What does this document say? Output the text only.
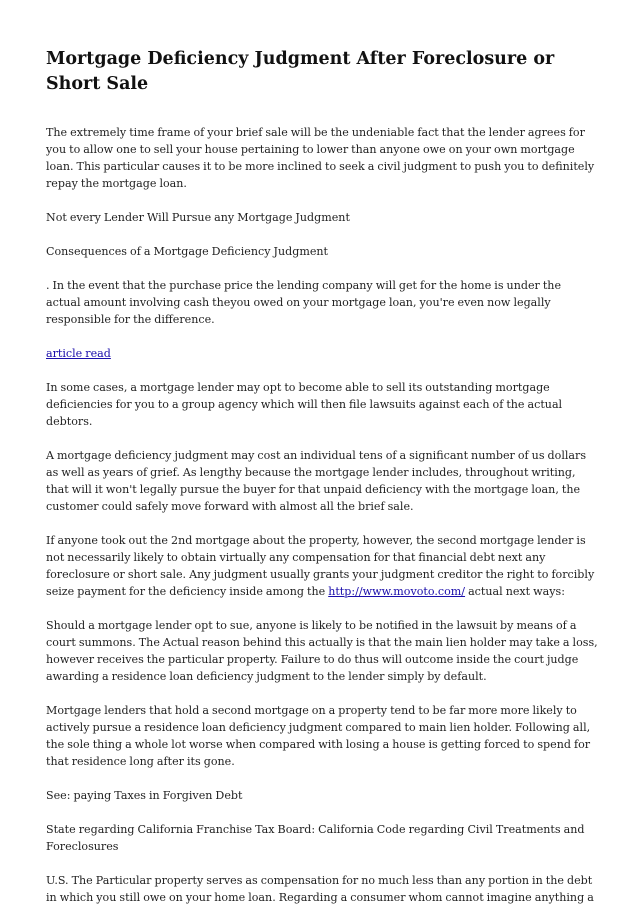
Mortgage Deficiency Judgment After Foreclosure or Short Sale

The extremely time frame of your brief sale will be the undeniable fact that the lender agrees for you to allow one to sell your house pertaining to lower than anyone owe on your own mortgage loan. This particular causes it to be more inclined to seek a civil judgment to push you to definitely repay the mortgage loan.

Not every Lender Will Pursue any Mortgage Judgment

Consequences of a Mortgage Deficiency Judgment

. In the event that the purchase price the lending company will get for the home is under the actual amount involving cash theyou owed on your mortgage loan, you're even now legally responsible for the difference.

article read

In some cases, a mortgage lender may opt to become able to sell its outstanding mortgage deficiencies for you to a group agency which will then file lawsuits against each of the actual debtors.

A mortgage deficiency judgment may cost an individual tens of a significant number of us dollars as well as years of grief. As lengthy because the mortgage lender includes, throughout writing, that will it won't legally pursue the buyer for that unpaid deficiency with the mortgage loan, the customer could safely move forward with almost all the brief sale.

If anyone took out the 2nd mortgage about the property, however, the second mortgage lender is not necessarily likely to obtain virtually any compensation for that financial debt next any foreclosure or short sale. Any judgment usually grants your judgment creditor the right to forcibly seize payment for the deficiency inside among the http://www.movoto.com/ actual next ways:

Should a mortgage lender opt to sue, anyone is likely to be notified in the lawsuit by means of a court summons. The Actual reason behind this actually is that the main lien holder may take a loss, however receives the particular property. Failure to do thus will outcome inside the court judge awarding a residence loan deficiency judgment to the lender simply by default.

Mortgage lenders that hold a second mortgage on a property tend to be far more more likely to actively pursue a residence loan deficiency judgment compared to main lien holder. Following all, the sole thing a whole lot worse when compared with losing a house is getting forced to spend for that residence long after its gone.

See: paying Taxes in Forgiven Debt

State regarding California Franchise Tax Board: California Code regarding Civil Treatments and Foreclosures

U.S. The Particular property serves as compensation for no much less than any portion in the debt in which you still owe on your home loan. Regarding a consumer whom cannot imagine anything a
